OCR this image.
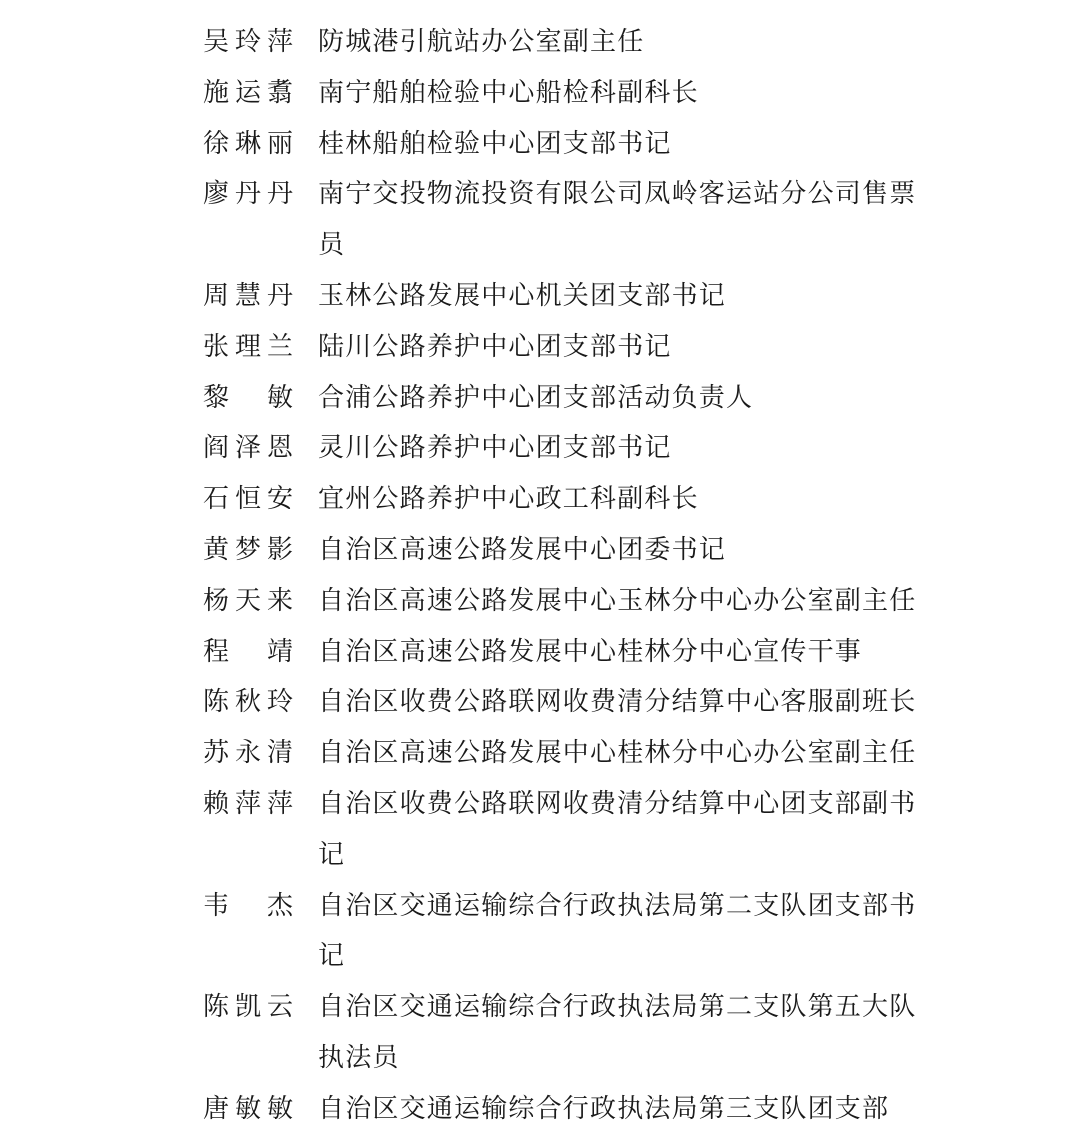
吴 玲 萍 防城港引航站办公室副主任
施 运 翥 南宁船舶检验中心船检科副科长
徐 琳 丽 桂林船舶检验中心团支部书记
廖 丹 丹 南宁交投物流投资有限公司凤岭客运站分公司售票员
周 慧 丹 玉林公路发展中心机关团支部书记
张 理 兰 陆川公路养护中心团支部书记
黎 敏 合浦公路养护中心团支部活动负责人
阎 泽 恩 灵川公路养护中心团支部书记
石 恒 安 宜州公路养护中心政工科副科长
黄 梦 影 自治区高速公路发展中心团委书记
杨 天 来 自治区高速公路发展中心玉林分中心办公室副主任
程 靖 自治区高速公路发展中心桂林分中心宣传干事
陈 秋 玲 自治区收费公路联网收费清分结算中心客服副班长
苏 永 清 自治区高速公路发展中心桂林分中心办公室副主任
赖 萍 萍 自治区收费公路联网收费清分结算中心团支部副书记
韦 杰 自治区交通运输综合行政执法局第二支队团支部书记
陈 凯 云 自治区交通运输综合行政执法局第二支队第五大队执法员
唐 敏 敏 自治区交通运输综合行政执法局第三支队团支部
